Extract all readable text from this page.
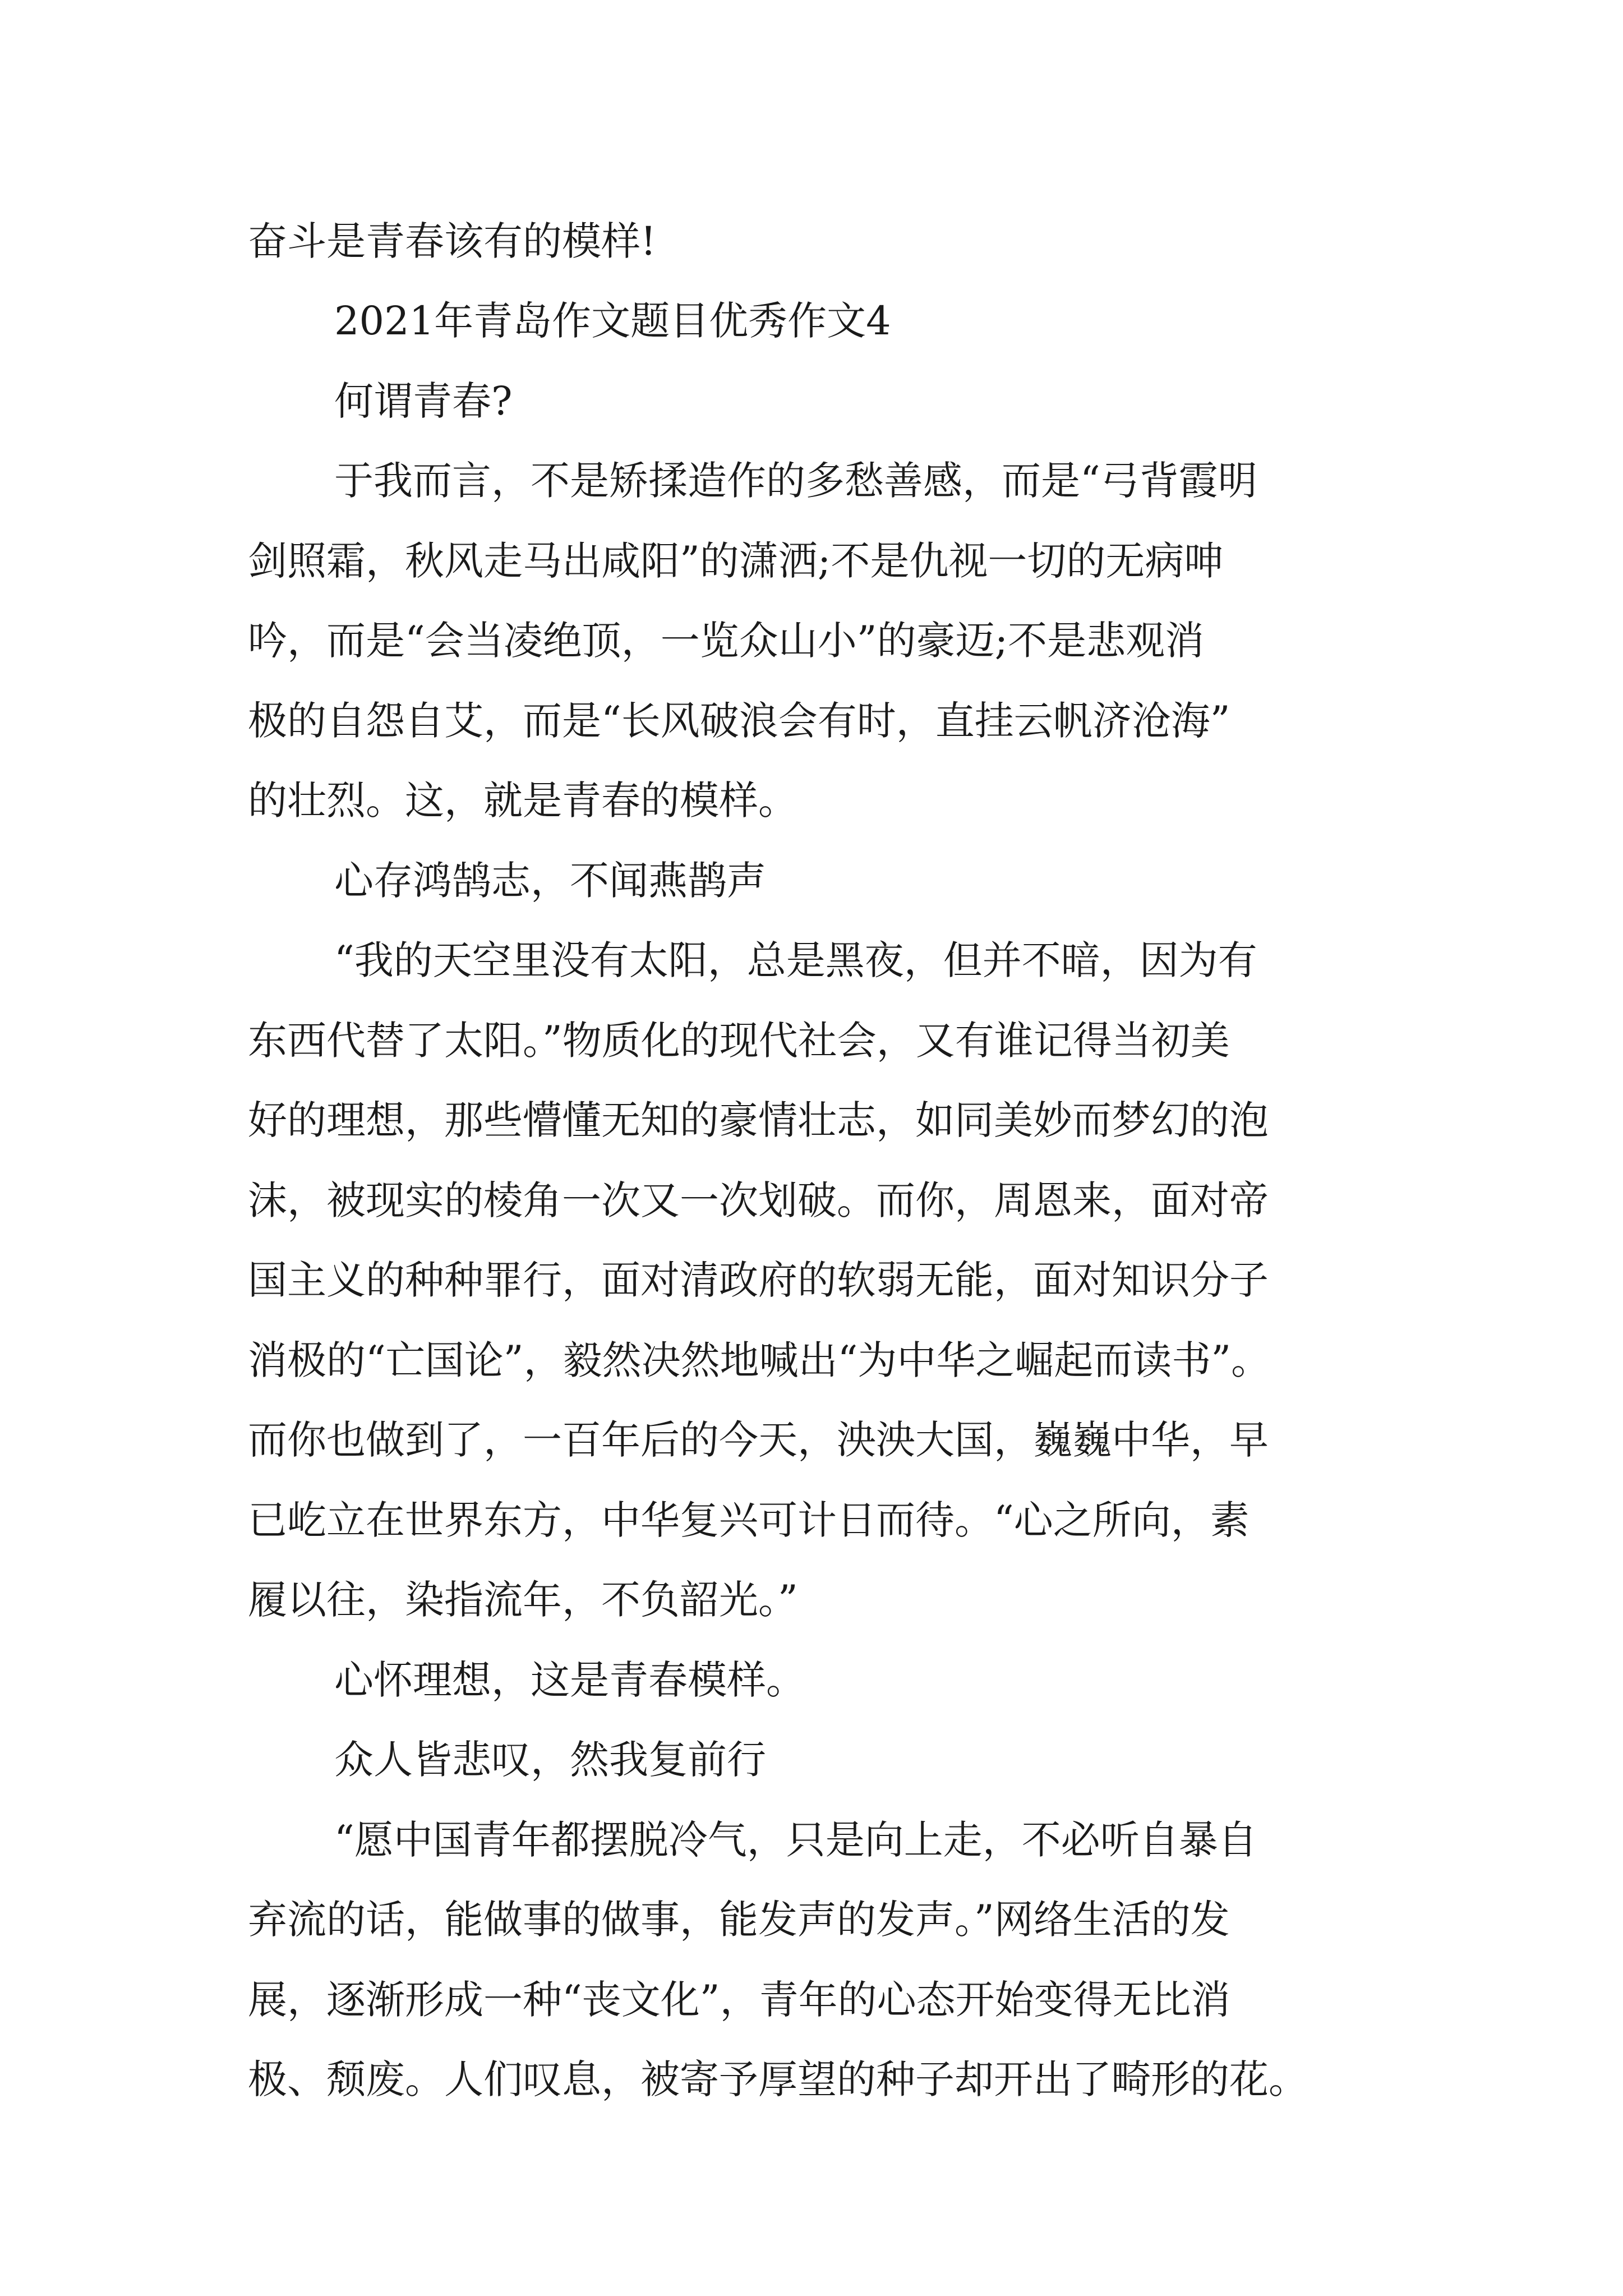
奋斗是青春该有的模样!

2021年青岛作文题目优秀作文4

何谓青春?

于我而言，不是矫揉造作的多愁善感，而是“弓背霞明

剑照霜，秋风走马出咸阳”的潇洒;不是仇视一切的无病呻

吟，而是“会当凌绝顶，一览众山小”的豪迈;不是悲观消

极的自怨自艾，而是“长风破浪会有时，直挂云帆济沧海”

的壮烈。这，就是青春的模样。

心存鸿鹄志，不闻燕鹊声

“我的天空里没有太阳，总是黑夜，但并不暗，因为有

东西代替了太阳。”物质化的现代社会，又有谁记得当初美

好的理想，那些懵懂无知的豪情壮志，如同美妙而梦幻的泡

沫，被现实的棱角一次又一次划破。而你，周恩来，面对帝

国主义的种种罪行，面对清政府的软弱无能，面对知识分子

消极的“亡国论”，毅然决然地喊出“为中华之崛起而读书”。

而你也做到了，一百年后的今天，泱泱大国，巍巍中华，早

已屹立在世界东方，中华复兴可计日而待。“心之所向，素

履以往，染指流年，不负韶光。”

心怀理想，这是青春模样。

众人皆悲叹，然我复前行

“愿中国青年都摆脱冷气，只是向上走，不必听自暴自

弃流的话，能做事的做事，能发声的发声。”网络生活的发

展，逐渐形成一种“丧文化”，青年的心态开始变得无比消

极、颓废。人们叹息，被寄予厚望的种子却开出了畸形的花。
